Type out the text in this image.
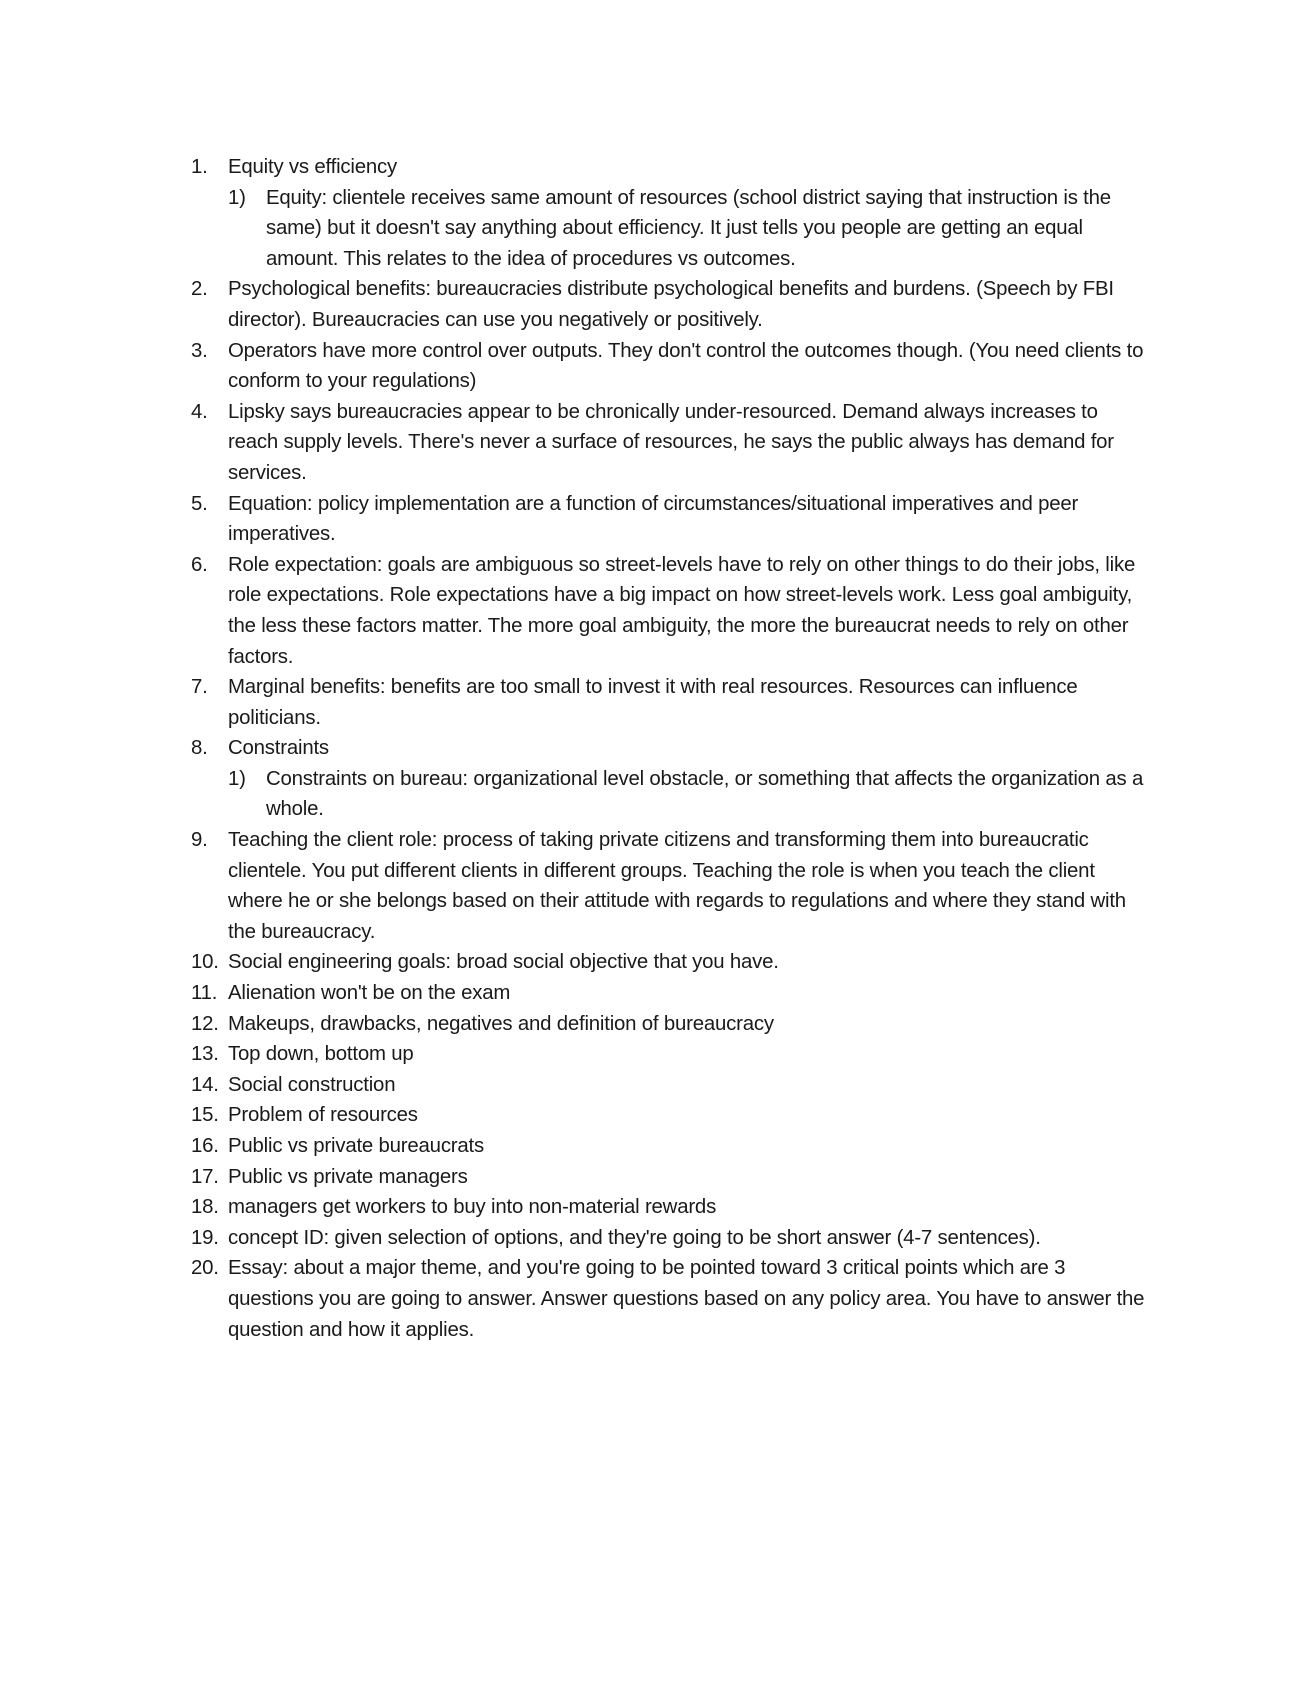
1. Equity vs efficiency
1) Equity: clientele receives same amount of resources (school district saying that instruction is the same) but it doesn't say anything about efficiency. It just tells you people are getting an equal amount. This relates to the idea of procedures vs outcomes.
2. Psychological benefits: bureaucracies distribute psychological benefits and burdens. (Speech by FBI director). Bureaucracies can use you negatively or positively.
3. Operators have more control over outputs. They don't control the outcomes though. (You need clients to conform to your regulations)
4. Lipsky says bureaucracies appear to be chronically under-resourced. Demand always increases to reach supply levels. There's never a surface of resources, he says the public always has demand for services.
5. Equation: policy implementation are a function of circumstances/situational imperatives and peer imperatives.
6. Role expectation: goals are ambiguous so street-levels have to rely on other things to do their jobs, like role expectations. Role expectations have a big impact on how street-levels work. Less goal ambiguity, the less these factors matter. The more goal ambiguity, the more the bureaucrat needs to rely on other factors.
7. Marginal benefits: benefits are too small to invest it with real resources. Resources can influence politicians.
8. Constraints
1) Constraints on bureau: organizational level obstacle, or something that affects the organization as a whole.
9. Teaching the client role: process of taking private citizens and transforming them into bureaucratic clientele. You put different clients in different groups. Teaching the role is when you teach the client where he or she belongs based on their attitude with regards to regulations and where they stand with the bureaucracy.
10. Social engineering goals: broad social objective that you have.
11. Alienation won't be on the exam
12. Makeups, drawbacks, negatives and definition of bureaucracy
13. Top down, bottom up
14. Social construction
15. Problem of resources
16. Public vs private bureaucrats
17. Public vs private managers
18. managers get workers to buy into non-material rewards
19. concept ID: given selection of options, and they're going to be short answer (4-7 sentences).
20. Essay: about a major theme, and you're going to be pointed toward 3 critical points which are 3 questions you are going to answer. Answer questions based on any policy area. You have to answer the question and how it applies.
